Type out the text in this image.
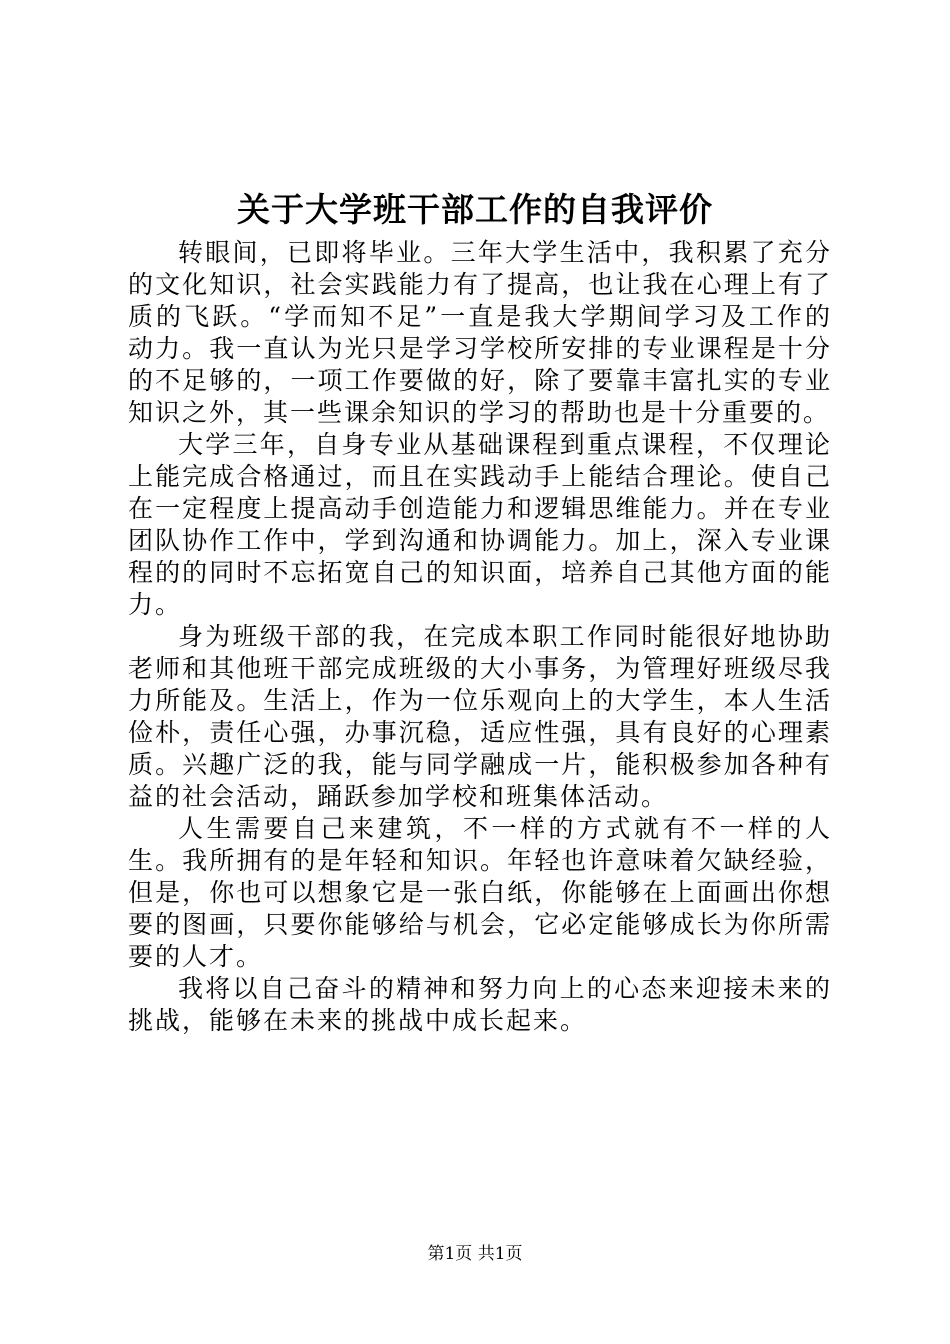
关于大学班干部工作的自我评价

转眼间，已即将毕业。三年大学生活中，我积累了充分的文化知识，社会实践能力有了提高，也让我在心理上有了质的飞跃。“学而知不足”一直是我大学期间学习及工作的动力。我一直认为光只是学习学校所安排的专业课程是十分的不足够的，一项工作要做的好，除了要靠丰富扎实的专业知识之外，其一些课余知识的学习的帮助也是十分重要的。

大学三年，自身专业从基础课程到重点课程，不仅理论上能完成合格通过，而且在实践动手上能结合理论。使自己在一定程度上提高动手创造能力和逻辑思维能力。并在专业团队协作工作中，学到沟通和协调能力。加上，深入专业课程的的同时不忘拓宽自己的知识面，培养自己其他方面的能力。

身为班级干部的我，在完成本职工作同时能很好地协助老师和其他班干部完成班级的大小事务，为管理好班级尽我力所能及。生活上，作为一位乐观向上的大学生，本人生活俭朴，责任心强，办事沉稳，适应性强，具有良好的心理素质。兴趣广泛的我，能与同学融成一片，能积极参加各种有益的社会活动，踊跃参加学校和班集体活动。

人生需要自己来建筑，不一样的方式就有不一样的人生。我所拥有的是年轻和知识。年轻也许意味着欠缺经验，但是，你也可以想象它是一张白纸，你能够在上面画出你想要的图画，只要你能够给与机会，它必定能够成长为你所需要的人才。

我将以自己奋斗的精神和努力向上的心态来迎接未来的挑战，能够在未来的挑战中成长起来。

第1页 共1页
